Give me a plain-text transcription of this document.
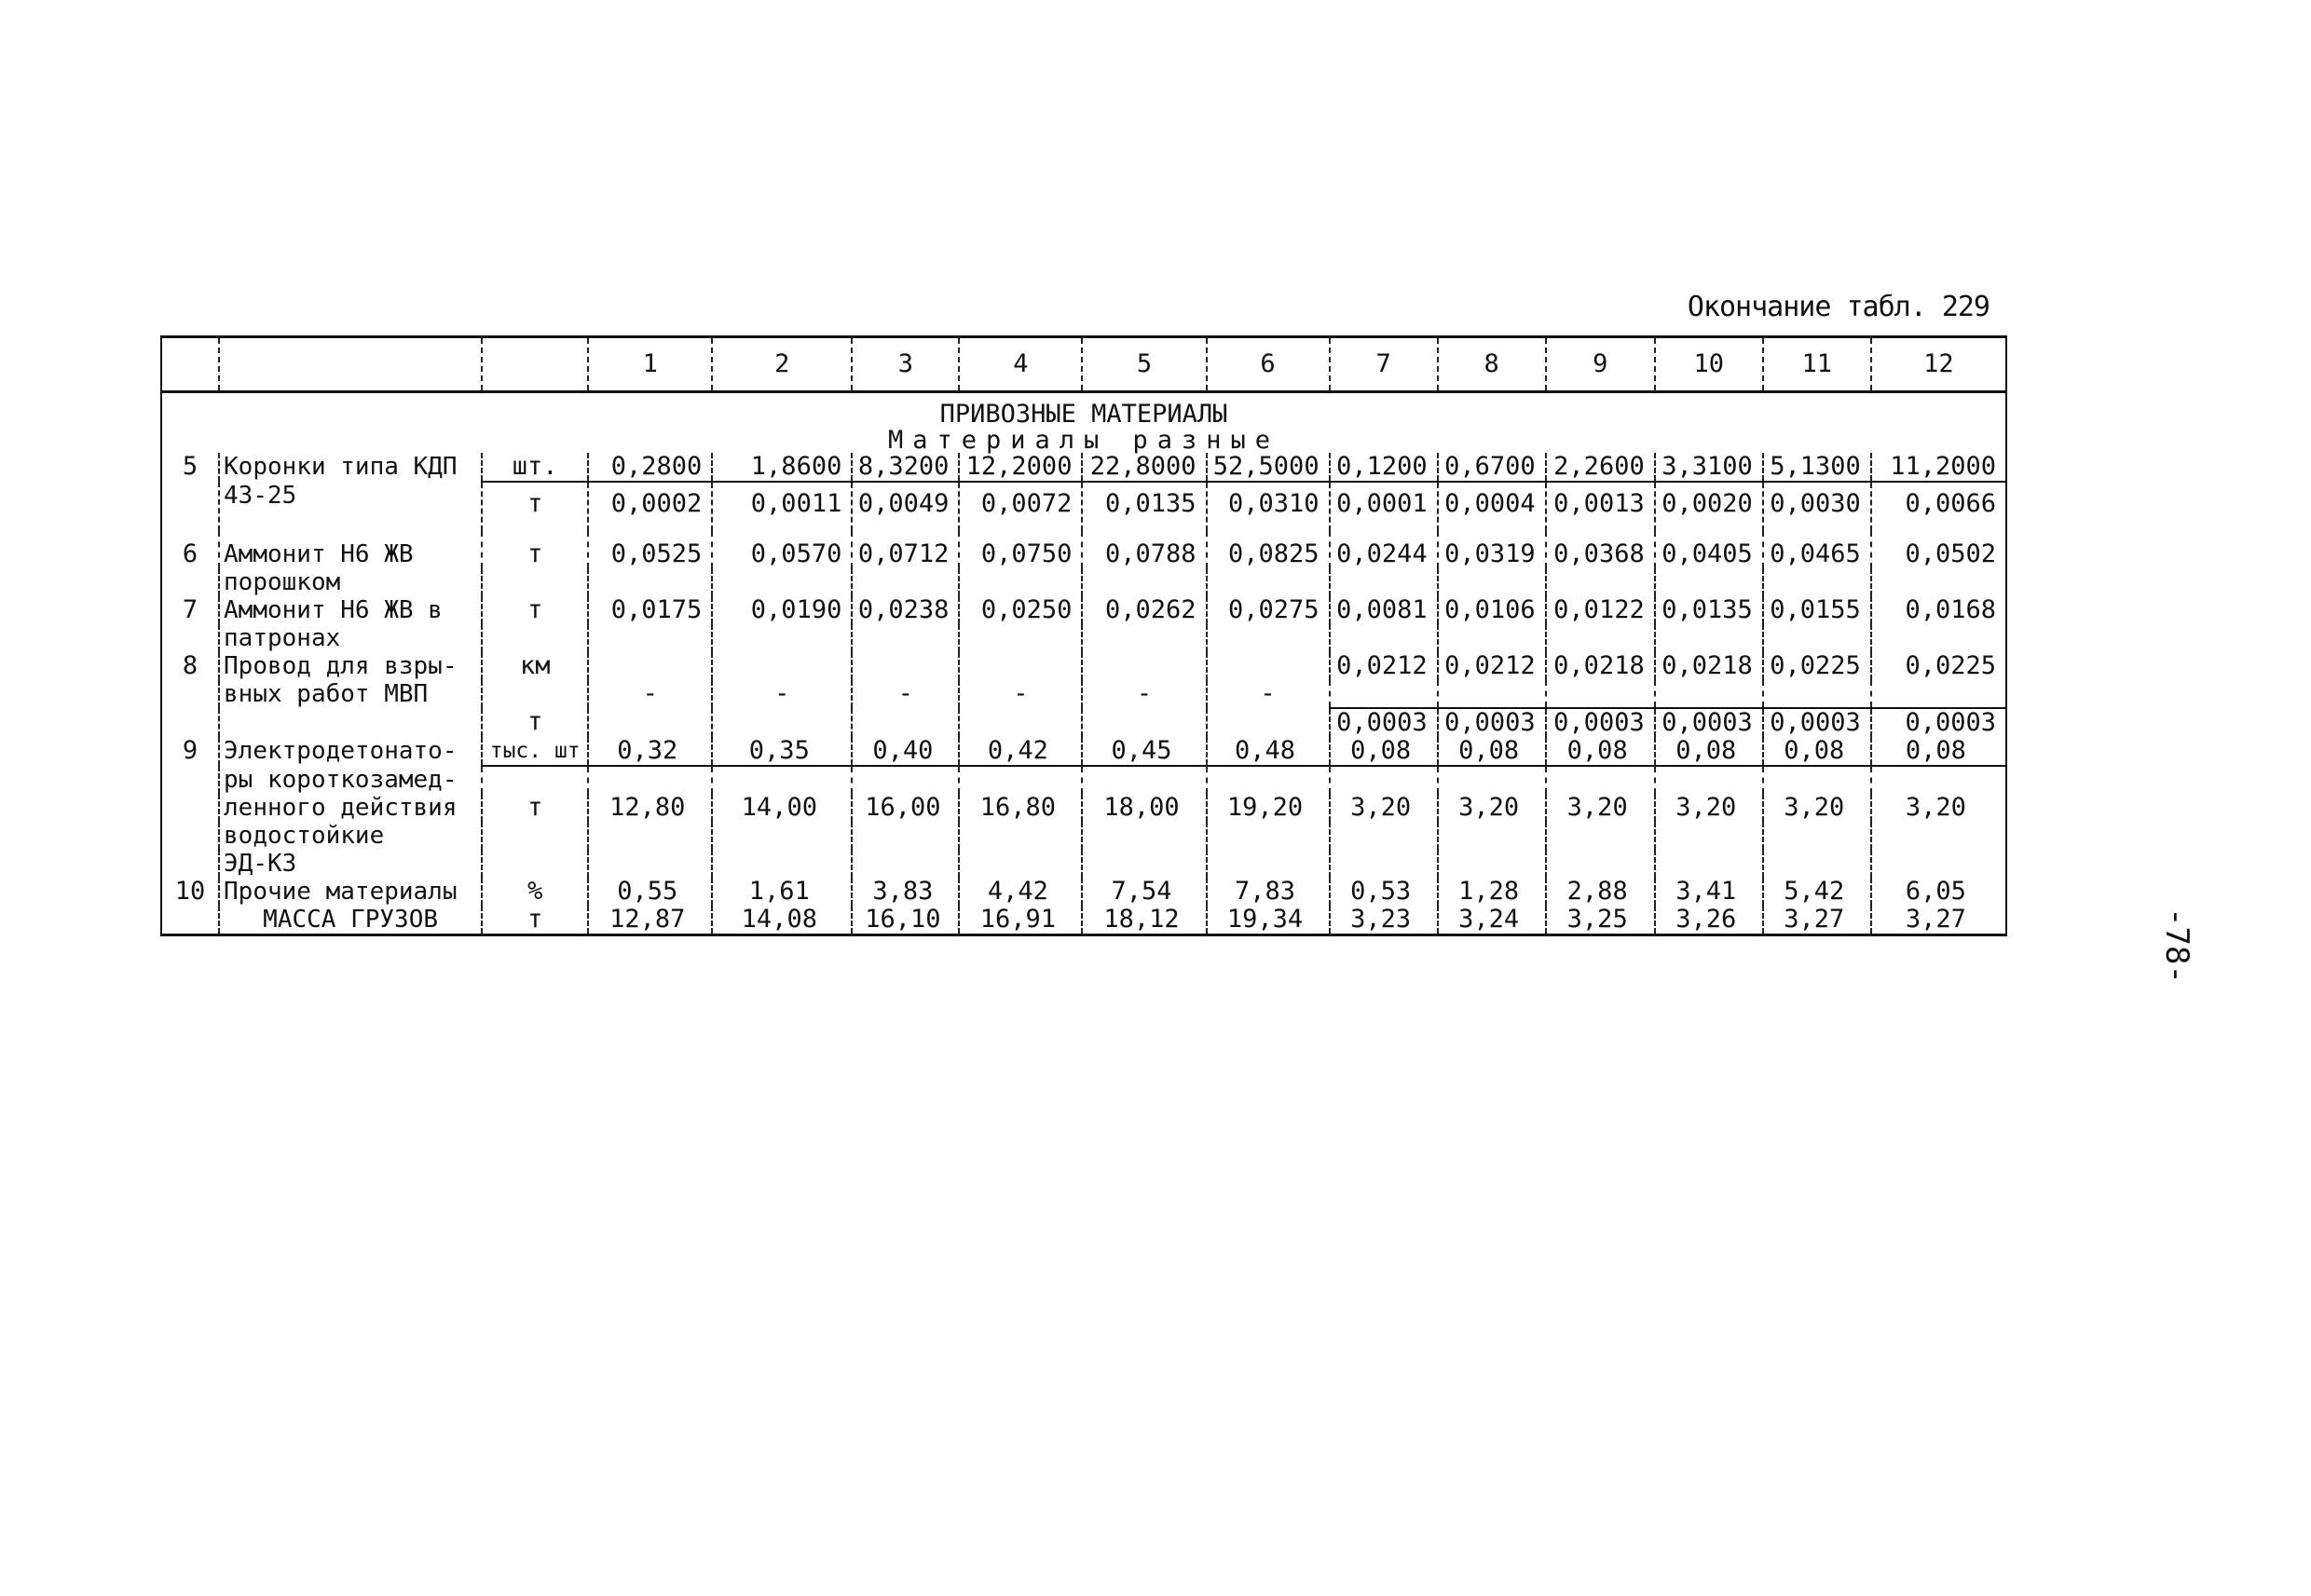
Окончание табл. 229
-78-
			1	2	3	4	5	6	7	8	9	10	11	12
ПРИВОЗНЫЕ МАТЕРИАЛЫ														
Материалы разные														
5	Коронки типа КДП	шт.	0,2800	1,8600	8,3200	12,2000	22,8000	52,5000	0,1200	0,6700	2,2600	3,3100	5,1300	11,2000
	43-25	т	0,0002	0,0011	0,0049	0,0072	0,0135	0,0310	0,0001	0,0004	0,0013	0,0020	0,0030	0,0066
6	Аммонит Н6 ЖВ	т	0,0525	0,0570	0,0712	0,0750	0,0788	0,0825	0,0244	0,0319	0,0368	0,0405	0,0465	0,0502
	порошком													
7	Аммонит Н6 ЖВ в	т	0,0175	0,0190	0,0238	0,0250	0,0262	0,0275	0,0081	0,0106	0,0122	0,0135	0,0155	0,0168
	патронах													
8	Провод для взры-	км							0,0212	0,0212	0,0218	0,0218	0,0225	0,0225
	вных работ МВП		-	-	-	-	-	-						
		т							0,0003	0,0003	0,0003	0,0003	0,0003	0,0003
9	Электродетонато-	тыс. шт	0,32	0,35	0,40	0,42	0,45	0,48	0,08	0,08	0,08	0,08	0,08	0,08
	ры короткозамед-													
	ленного действия	т	12,80	14,00	16,00	16,80	18,00	19,20	3,20	3,20	3,20	3,20	3,20	3,20
	водостойкие													
	ЭД-КЗ													
10	Прочие материалы	%	0,55	1,61	3,83	4,42	7,54	7,83	0,53	1,28	2,88	3,41	5,42	6,05
	МАССА ГРУЗОВ	т	12,87	14,08	16,10	16,91	18,12	19,34	3,23	3,24	3,25	3,26	3,27	3,27
